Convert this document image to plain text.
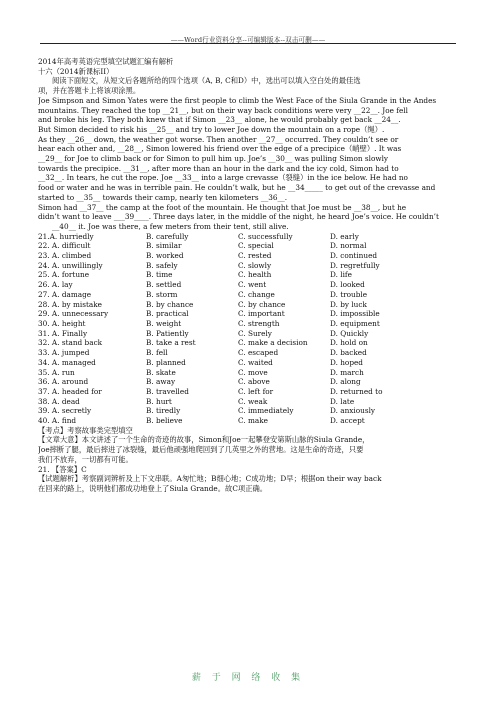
——Word行业资料分享--可编辑版本--双击可删——
2014年高考英语完型填空试题汇编有解析
十六（2014新课标II）
阅读下面短文，从短文后各题所给的四个选项（A, B, C和D）中，选出可以填入空白处的最佳选
项，并在答题卡上将该项涂黑。
Joe Simpson and Simon Yates were the first people to climb the West Face of the Siula Grande in the Andes
mountains. They reached the top __21__, but on their way back conditions were very __22__. Joe fell
and broke his leg. They both knew that if Simon __23__ alone, he would probably get back __24__.
But Simon decided to risk his __25__ and try to lower Joe down the mountain on a rope（绳）.
As they __26__ down, the weather got worse. Then another __27__ occurred. They couldn’t see or
hear each other and, __28__, Simon lowered his friend over the edge of a precipice（峭壁）. It was
__29__ for Joe to climb back or for Simon to pull him up. Joe’s __30__ was pulling Simon slowly
towards the precipice. __31__, after more than an hour in the dark and the icy cold, Simon had to
__32__. In tears, he cut the rope. Joe __33__ into a large crevasse（裂缝）in the ice below. He had no
food or water and he was in terrible pain. He couldn’t walk, but he __34_____ to get out of the crevasse and
started to __35__ towards their camp, nearly ten kilometers __36__.
Simon had __37__ the camp at the foot of the mountain. He thought that Joe must be __38__, but he
didn’t want to leave ___39____. Three days later, in the middle of the night, he heard Joe’s voice. He couldn’t
__40__ it. Joe was there, a few meters from their tent, still alive.
21.A. hurriedly	B. carefully	C. successfully	D. early
22. A. difficult	B. similar	C. special	D. normal
23. A. climbed	B. worked	C. rested	D. continued
24. A. unwillingly	B. safely	C. slowly	D. regretfully
25. A. fortune	B. time	C. health	D. life
26. A. lay	B. settled	C. went	D. looked
27. A. damage	B. storm	C. change	D. trouble
28. A. by mistake	B. by chance	C. by chance	D. by luck
29. A. unnecessary	B. practical	C. important	D. impossible
30. A. height	B. weight	C. strength	D. equipment
31. A. Finally	B. Patiently	C. Surely	D. Quickly
32. A. stand back	B. take a rest	C. make a decision	D. hold on
33. A. jumped	B. fell	C. escaped	D. backed
34. A. managed	B. planned	C. waited	D. hoped
35. A. run	B. skate	C. move	D. march
36. A. around	B. away	C. above	D. along
37. A. headed for	B. travelled	C. left for	D. returned to
38. A. dead	B. hurt	C. weak	D. late
39. A. secretly	B. tiredly	C. immediately	D. anxiously
40. A. find	B. believe	C. make	D. accept
【考点】考察故事类完型填空
【文章大意】本文讲述了一个生命的奇迹的故事，Simon和Joe一起攀登安第斯山脉的Siula Grande，
Joe摔断了腿，最后摔进了冰裂缝，最后他顽强地爬回到了几英里之外的营地。这是生命的奇迹，只要
我们不放弃，一切都有可能。
21. 【答案】C
【试题解析】考察副词辨析及上下文串联。A匆忙地；B细心地；C成功地；D早；根据on their way back
在回来的路上，说明他们都成功地登上了Siula Grande。故C项正确。
薪 于 网 络 收 集
